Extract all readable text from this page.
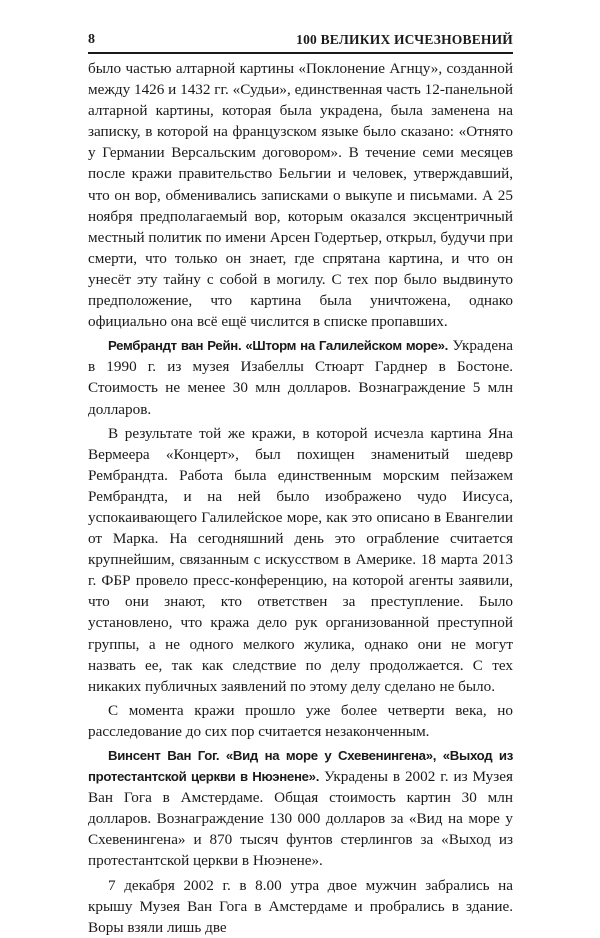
8	100 ВЕЛИКИХ ИСЧЕЗНОВЕНИЙ

было частью алтарной картины «Поклонение Агнцу», созданной между 1426 и 1432 гг. «Судьи», единственная часть 12-панельной алтарной картины, которая была украдена, была заменена на записку, в которой на французском языке было сказано: «Отнято у Германии Версальским договором». В течение семи месяцев после кражи правительство Бельгии и человек, утверждавший, что он вор, обменивались записками о выкупе и письмами. А 25 ноября предполагаемый вор, которым оказался эксцентричный местный политик по имени Арсен Годертьер, открыл, будучи при смерти, что только он знает, где спрятана картина, и что он унесёт эту тайну с собой в могилу. С тех пор было выдвинуто предположение, что картина была уничтожена, однако официально она всё ещё числится в списке пропавших.

Рембрандт ван Рейн. «Шторм на Галилейском море». Украдена в 1990 г. из музея Изабеллы Стюарт Гарднер в Бостоне. Стоимость не менее 30 млн долларов. Вознаграждение 5 млн долларов.

В результате той же кражи, в которой исчезла картина Яна Вермеера «Концерт», был похищен знаменитый шедевр Рембрандта. Работа была единственным морским пейзажем Рембрандта, и на ней было изображено чудо Иисуса, успокаивающего Галилейское море, как это описано в Евангелии от Марка. На сегодняшний день это ограбление считается крупнейшим, связанным с искусством в Америке. 18 марта 2013 г. ФБР провело пресс-конференцию, на которой агенты заявили, что они знают, кто ответствен за преступление. Было установлено, что кража дело рук организованной преступной группы, а не одного мелкого жулика, однако они не могут назвать ее, так как следствие по делу продолжается. С тех никаких публичных заявлений по этому делу сделано не было.

С момента кражи прошло уже более четверти века, но расследование до сих пор считается незаконченным.

Винсент Ван Гог. «Вид на море у Схевенингена», «Выход из протестантской церкви в Нюэнене». Украдены в 2002 г. из Музея Ван Гога в Амстердаме. Общая стоимость картин 30 млн долларов. Вознаграждение 130 000 долларов за «Вид на море у Схевенингена» и 870 тысяч фунтов стерлингов за «Выход из протестантской церкви в Нюэнене».

7 декабря 2002 г. в 8.00 утра двое мужчин забрались на крышу Музея Ван Гога в Амстердаме и пробрались в здание. Воры взяли лишь две
